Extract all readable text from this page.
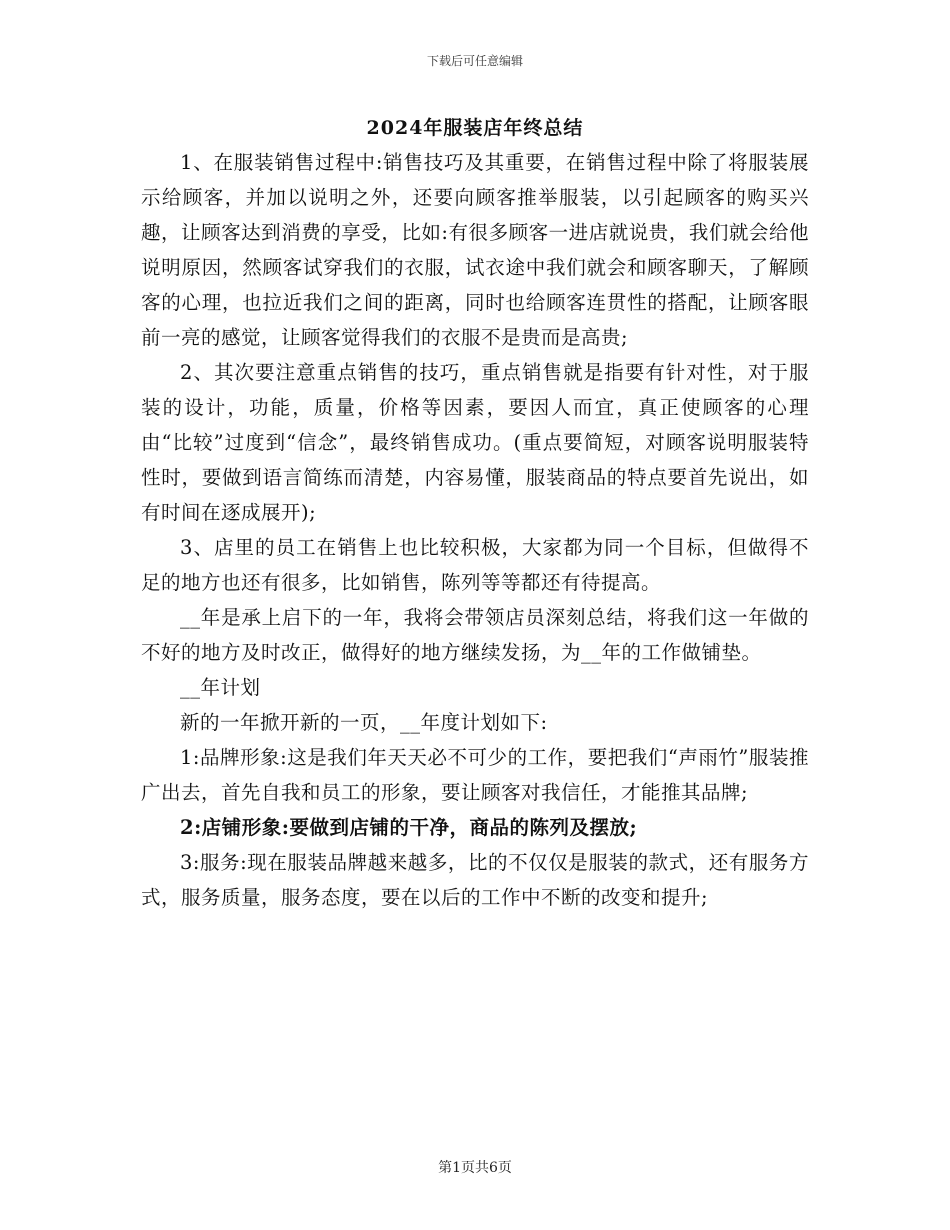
下载后可任意编辑
2024年服装店年终总结

1、在服装销售过程中:销售技巧及其重要，在销售过程中除了将服装展示给顾客，并加以说明之外，还要向顾客推举服装，以引起顾客的购买兴趣，让顾客达到消费的享受，比如:有很多顾客一进店就说贵，我们就会给他说明原因，然顾客试穿我们的衣服，试衣途中我们就会和顾客聊天，了解顾客的心理，也拉近我们之间的距离，同时也给顾客连贯性的搭配，让顾客眼前一亮的感觉，让顾客觉得我们的衣服不是贵而是高贵;

2、其次要注意重点销售的技巧，重点销售就是指要有针对性，对于服装的设计，功能，质量，价格等因素，要因人而宜，真正使顾客的心理由“比较”过度到“信念”，最终销售成功。(重点要简短，对顾客说明服装特性时，要做到语言简练而清楚，内容易懂，服装商品的特点要首先说出，如有时间在逐成展开);

3、店里的员工在销售上也比较积极，大家都为同一个目标，但做得不足的地方也还有很多，比如销售，陈列等等都还有待提高。

__年是承上启下的一年，我将会带领店员深刻总结，将我们这一年做的不好的地方及时改正，做得好的地方继续发扬，为__年的工作做铺垫。

__年计划

新的一年掀开新的一页，__年度计划如下:

1:品牌形象:这是我们年天天必不可少的工作，要把我们“声雨竹”服装推广出去，首先自我和员工的形象，要让顾客对我信任，才能推其品牌;

2:店铺形象:要做到店铺的干净，商品的陈列及摆放;

3:服务:现在服装品牌越来越多，比的不仅仅是服装的款式，还有服务方式，服务质量，服务态度，要在以后的工作中不断的改变和提升;

第1页共6页
